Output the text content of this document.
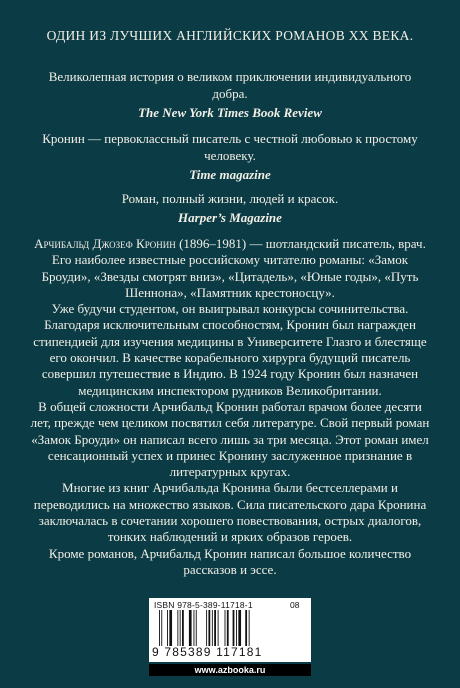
ОДИН ИЗ ЛУЧШИХ АНГЛИЙСКИХ РОМАНОВ XX ВЕКА.
Великолепная история о великом приключении индивидуального добра.
The New York Times Book Review
Кронин — первоклассный писатель с честной любовью к простому человеку.
Time magazine
Роман, полный жизни, людей и красок.
Harper’s Magazine

Арчибальд Джозеф Кронин (1896–1981) — шотландский писатель, врач. Его наиболее известные российскому читателю романы: «Замок Броуди», «Звезды смотрят вниз», «Цитадель», «Юные годы», «Путь Шеннона», «Памятник крестоносцу».

Уже будучи студентом, он выигрывал конкурсы сочинительства. Благодаря исключительным способностям, Кронин был награжден стипендией для изучения медицины в Университете Глазго и блестяще его окончил. В качестве корабельного хирурга будущий писатель совершил путешествие в Индию. В 1924 году Кронин был назначен медицинским инспектором рудников Великобритании.

В общей сложности Арчибальд Кронин работал врачом более десяти лет, прежде чем целиком посвятил себя литературе. Свой первый роман «Замок Броуди» он написал всего лишь за три месяца. Этот роман имел сенсационный успех и принес Кронину заслуженное признание в литературных кругах.

Многие из книг Арчибальда Кронина были бестселлерами и переводились на множество языков. Сила писательского дара Кронина заключалась в сочетании хорошего повествования, острых диалогов, тонких наблюдений и ярких образов героев.

Кроме романов, Арчибальд Кронин написал большое количество рассказов и эссе.

ISBN 978-5-389-11718-1	08
9 785389 117181
www.azbooka.ru
